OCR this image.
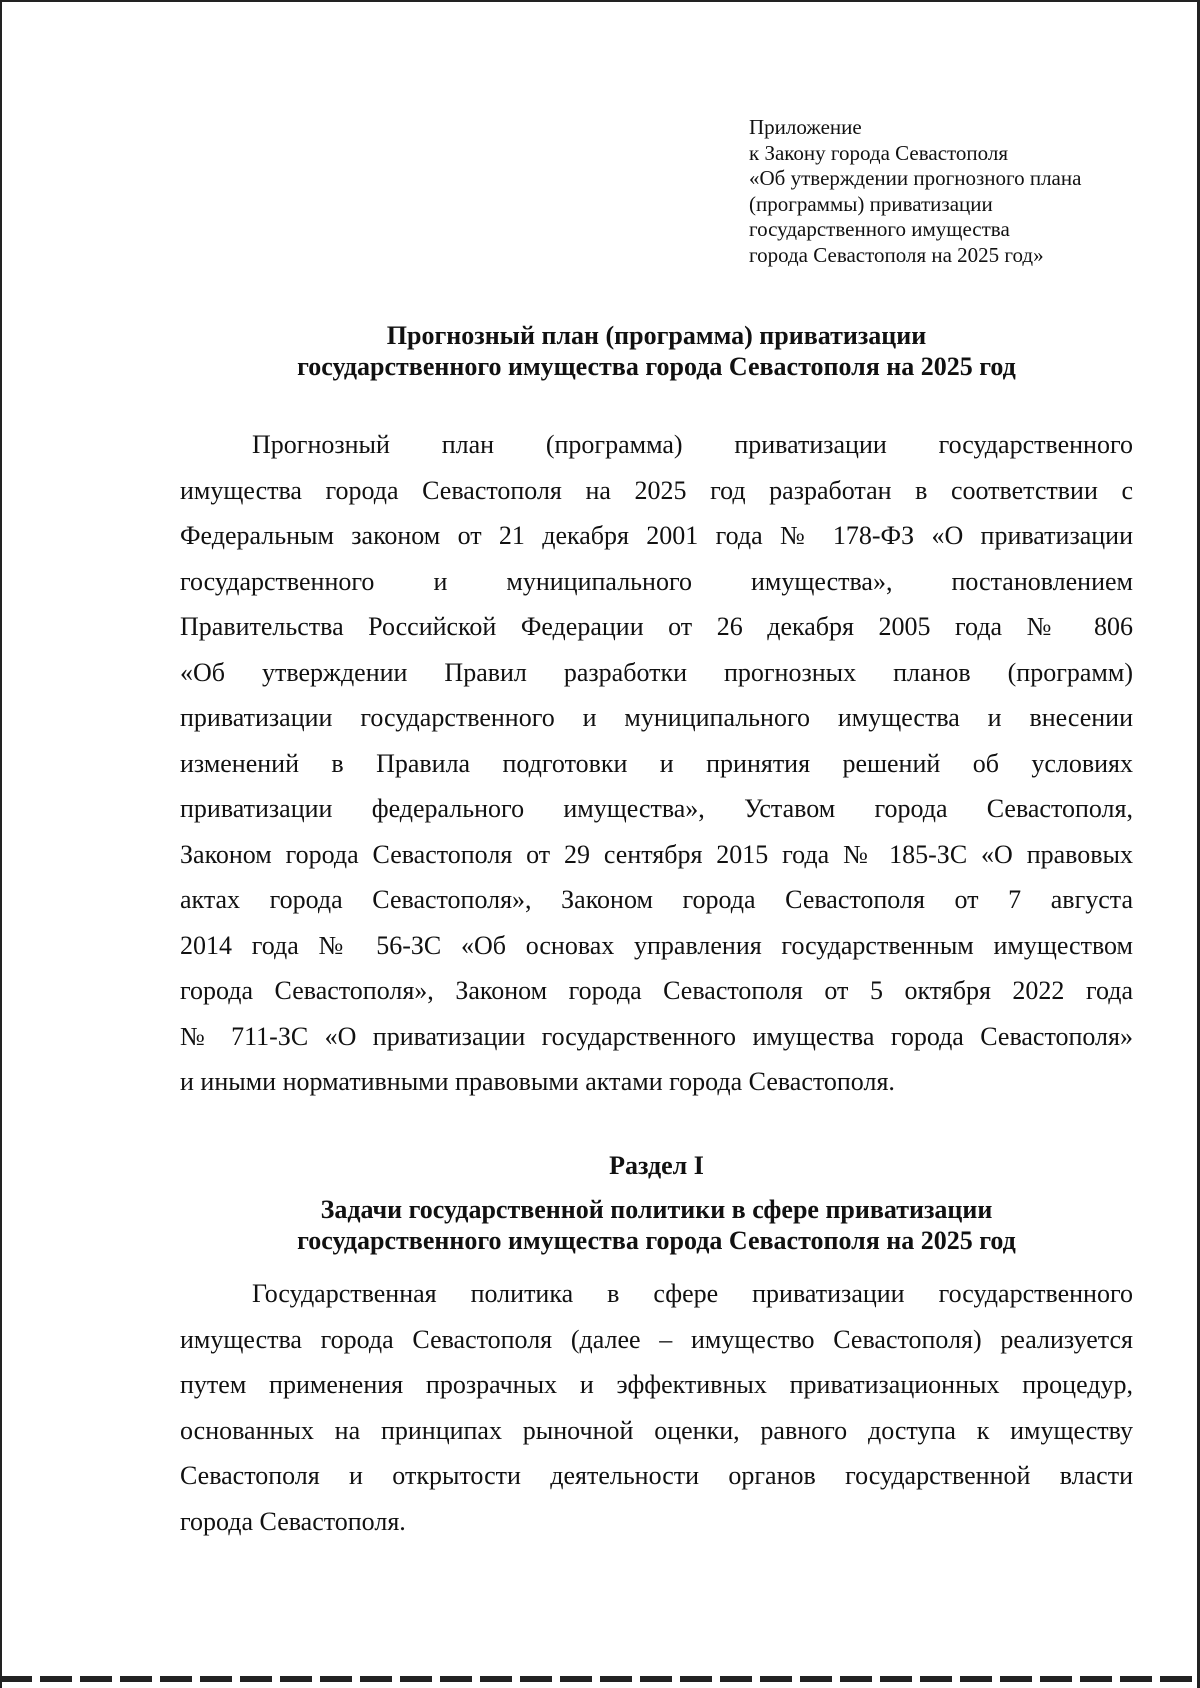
Приложение
к Закону города Севастополя
«Об утверждении прогнозного плана
(программы) приватизации
государственного имущества
города Севастополя на 2025 год»
Прогнозный план (программа) приватизации
государственного имущества города Севастополя на 2025 год
Прогнозный план (программа) приватизации государственного
имущества города Севастополя на 2025 год разработан в соответствии с
Федеральным законом от 21 декабря 2001 года № 178-ФЗ «О приватизации
государственного и муниципального имущества», постановлением
Правительства Российской Федерации от 26 декабря 2005 года № 806
«Об утверждении Правил разработки прогнозных планов (программ)
приватизации государственного и муниципального имущества и внесении
изменений в Правила подготовки и принятия решений об условиях
приватизации федерального имущества», Уставом города Севастополя,
Законом города Севастополя от 29 сентября 2015 года № 185-ЗС «О правовых
актах города Севастополя», Законом города Севастополя от 7 августа
2014 года № 56-ЗС «Об основах управления государственным имуществом
города Севастополя», Законом города Севастополя от 5 октября 2022 года
№ 711-ЗС «О приватизации государственного имущества города Севастополя»
и иными нормативными правовыми актами города Севастополя.
Раздел I
Задачи государственной политики в сфере приватизации
государственного имущества города Севастополя на 2025 год
Государственная политика в сфере приватизации государственного
имущества города Севастополя (далее – имущество Севастополя) реализуется
путем применения прозрачных и эффективных приватизационных процедур,
основанных на принципах рыночной оценки, равного доступа к имуществу
Севастополя и открытости деятельности органов государственной власти
города Севастополя.
